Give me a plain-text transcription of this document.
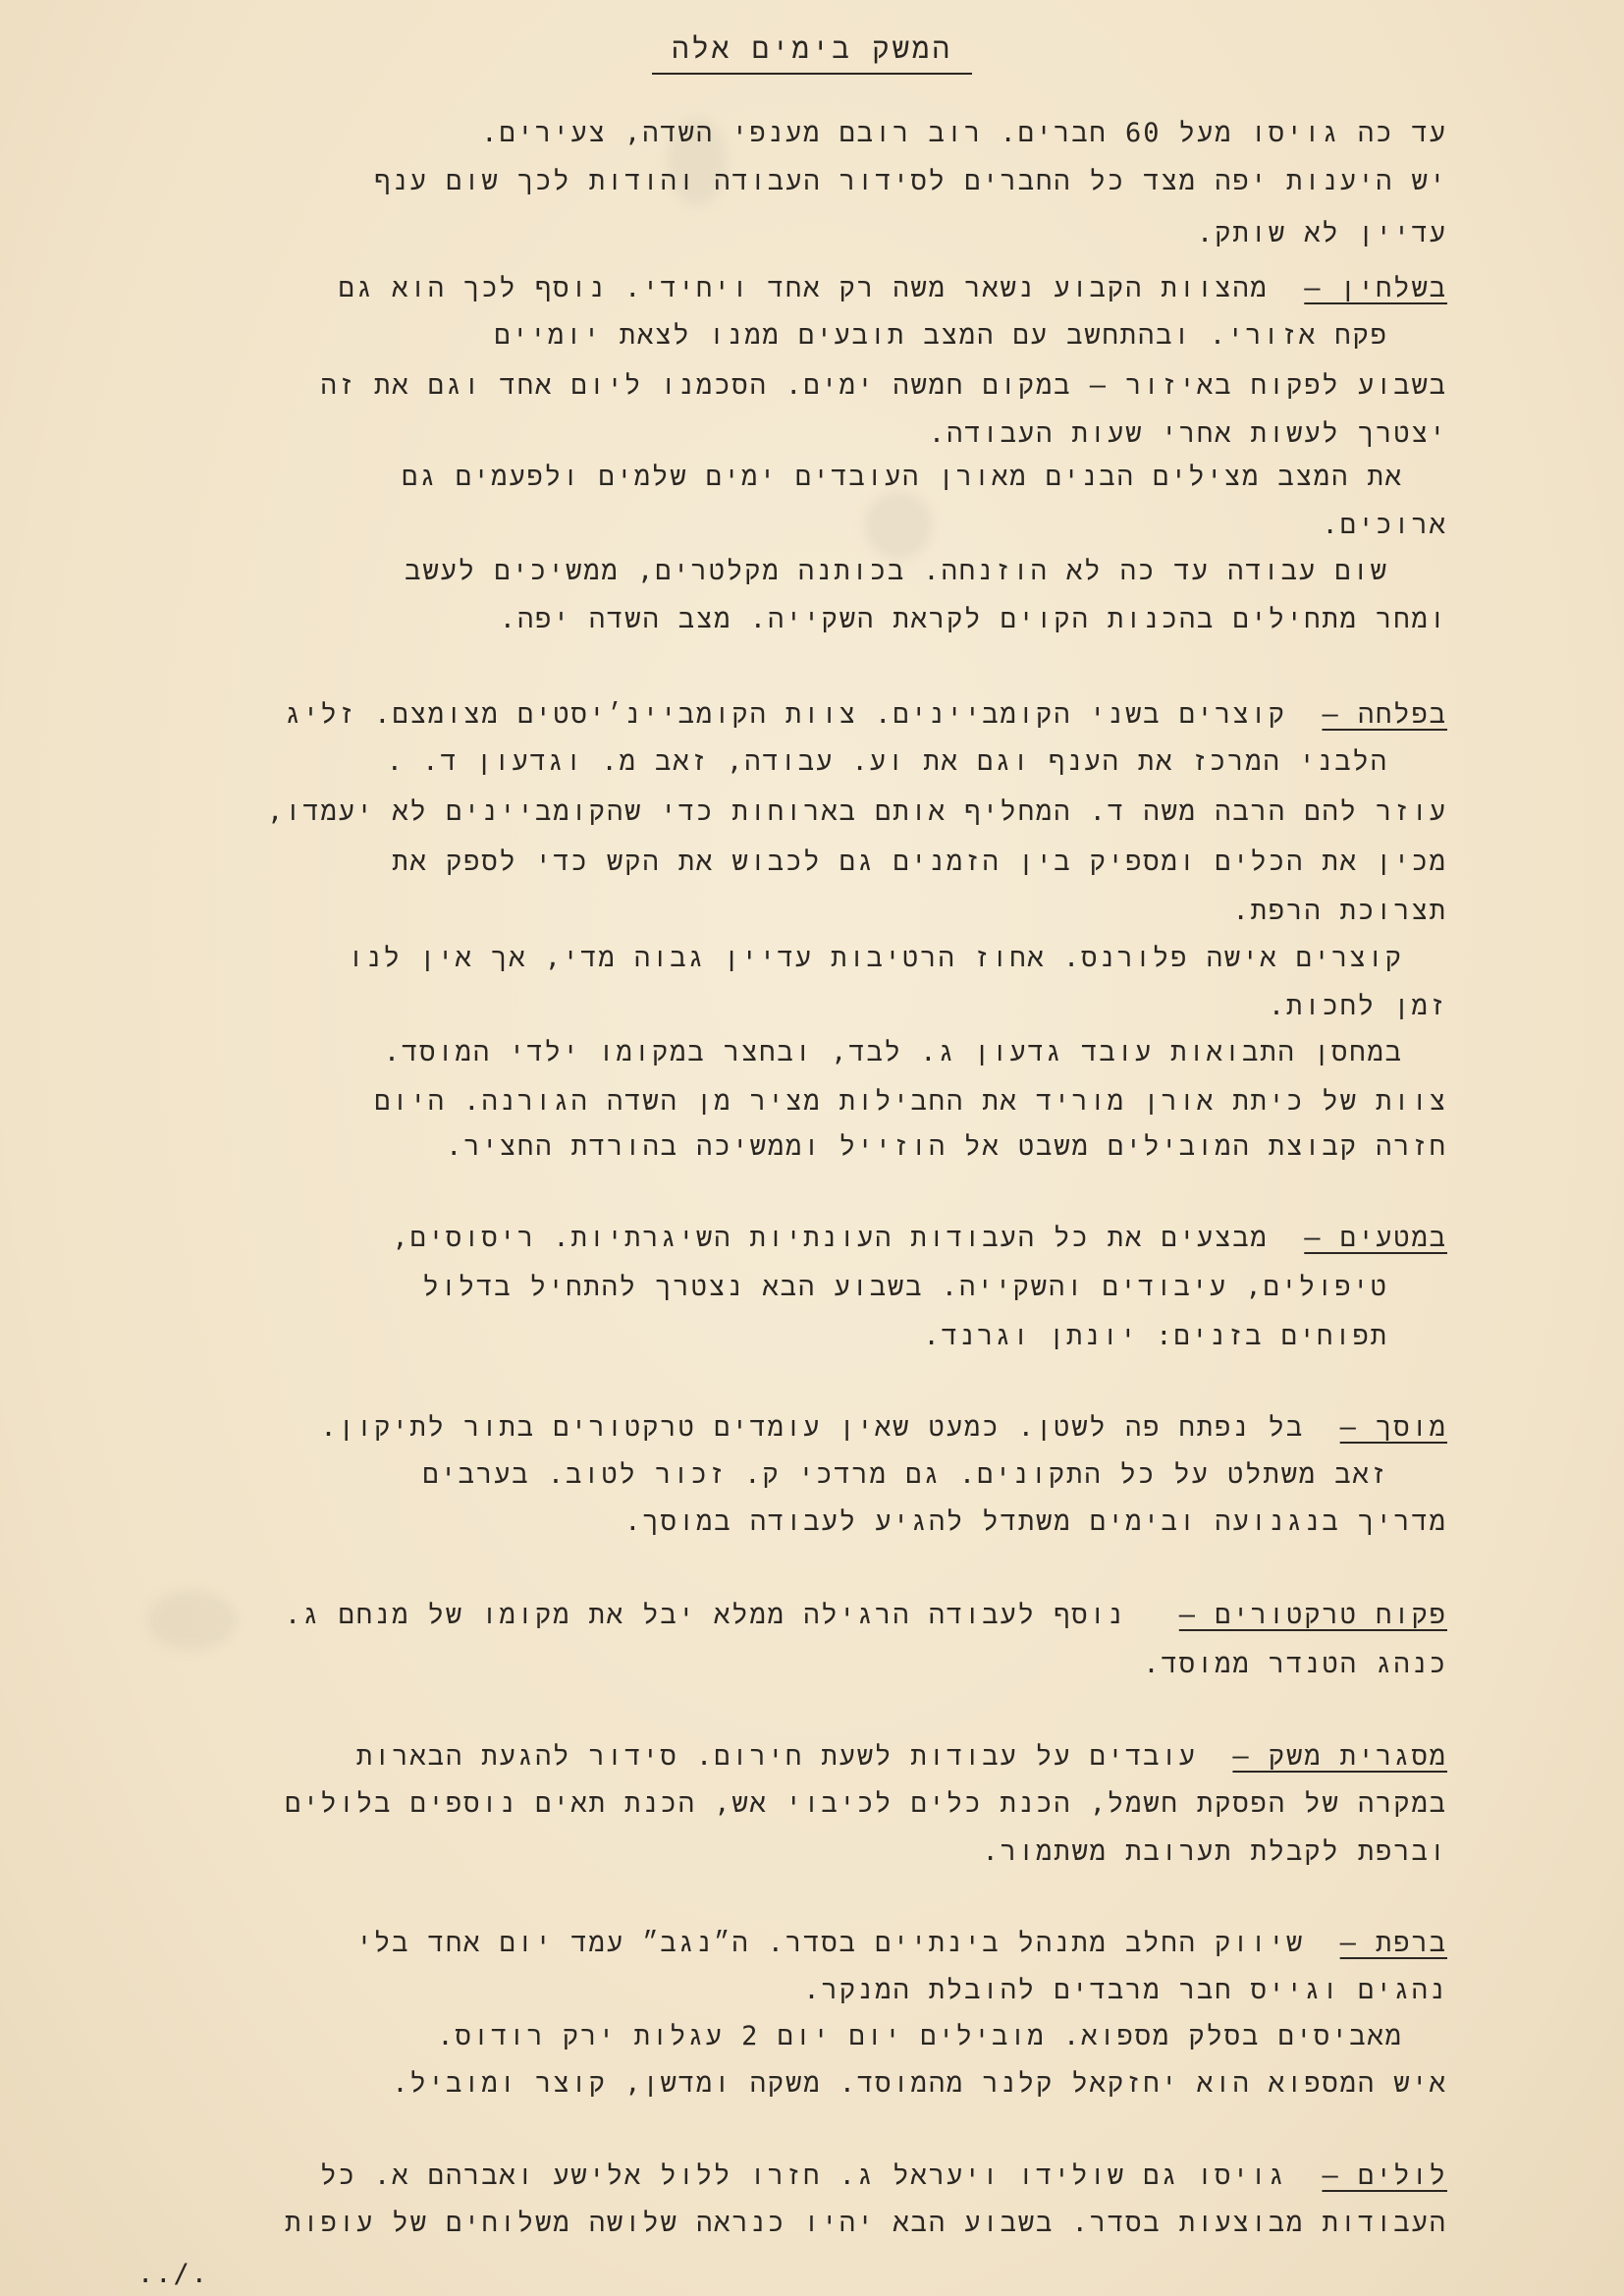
המשק בימים אלה
עד כה גויסו מעל 60 חברים. רוב רובם מענפי השדה, צעירים.
יש היענות יפה מצד כל החברים לסידור העבודה והודות לכך שום ענף
עדיין לא שותק.
בשלחין –

מהצוות הקבוע נשאר משה רק אחד ויחידי. נוסף לכך הוא גם
פקח אזורי. ובהתחשב עם המצב תובעים ממנו לצאת יומיים
בשבוע לפקוח באיזור – במקום חמשה ימים. הסכמנו ליום אחד וגם את זה
יצטרך לעשות אחרי שעות העבודה.
את המצב מצילים הבנים מאורן העובדים ימים שלמים ולפעמים גם
ארוכים.
שום עבודה עד כה לא הוזנחה. בכותנה מקלטרים, ממשיכים לעשב
ומחר מתחילים בהכנות הקוים לקראת השקייה. מצב השדה יפה.
בפלחה –

קוצרים בשני הקומביינים. צוות הקומביינ׳יסטים מצומצם. זליג
הלבני המרכז את הענף וגם את וע. עבודה, זאב מ. וגדעון ד. .
עוזר להם הרבה משה ד. המחליף אותם בארוחות כדי שהקומביינים לא יעמדו,
מכין את הכלים ומספיק בין הזמנים גם לכבוש את הקש כדי לספק את
תצרוכת הרפת.
קוצרים אישה פלורנס. אחוז הרטיבות עדיין גבוה מדי, אך אין לנו
זמן לחכות.
במחסן התבואות עובד גדעון ג. לבד, ובחצר במקומו ילדי המוסד.
צוות של כיתת אורן מוריד את החבילות מציר מן השדה הגורנה. היום
חזרה קבוצת המובילים משבט אל הוזייל וממשיכה בהורדת החציר.
במטעים –

מבצעים את כל העבודות העונתיות השיגרתיות. ריסוסים,
טיפולים, עיבודים והשקייה. בשבוע הבא נצטרך להתחיל בדלול
תפוחים בזנים: יונתן וגרנד.
מוסך –

בל נפתח פה לשטן. כמעט שאין עומדים טרקטורים בתור לתיקון.
זאב משתלט על כל התקונים. גם מרדכי ק. זכור לטוב. בערבים
מדריך בנגנועה ובימים משתדל להגיע לעבודה במוסך.
פקוח טרקטורים –

נוסף לעבודה הרגילה ממלא יבל את מקומו של מנחם ג.
כנהג הטנדר ממוסד.
מסגרית משק –

עובדים על עבודות לשעת חירום. סידור להגעת הבארות
במקרה של הפסקת חשמל, הכנת כלים לכיבוי אש, הכנת תאים נוספים בלולים
וברפת לקבלת תערובת משתמור.
ברפת –

שיווק החלב מתנהל בינתיים בסדר. ה״נגב״ עמד יום אחד בלי
נהגים וגייס חבר מרבדים להובלת המנקר.
מאביסים בסלק מספוא. מובילים יום יום 2 עגלות ירק רודוס.
איש המספוא הוא יחזקאל קלנר מהמוסד. משקה ומדשן, קוצר ומוביל.
לולים –

גויסו גם שולידו ויעראל ג. חזרו ללול אלישע ואברהם א. כל
העבודות מבוצעות בסדר. בשבוע הבא יהיו כנראה שלושה משלוחים של עופות
../.
